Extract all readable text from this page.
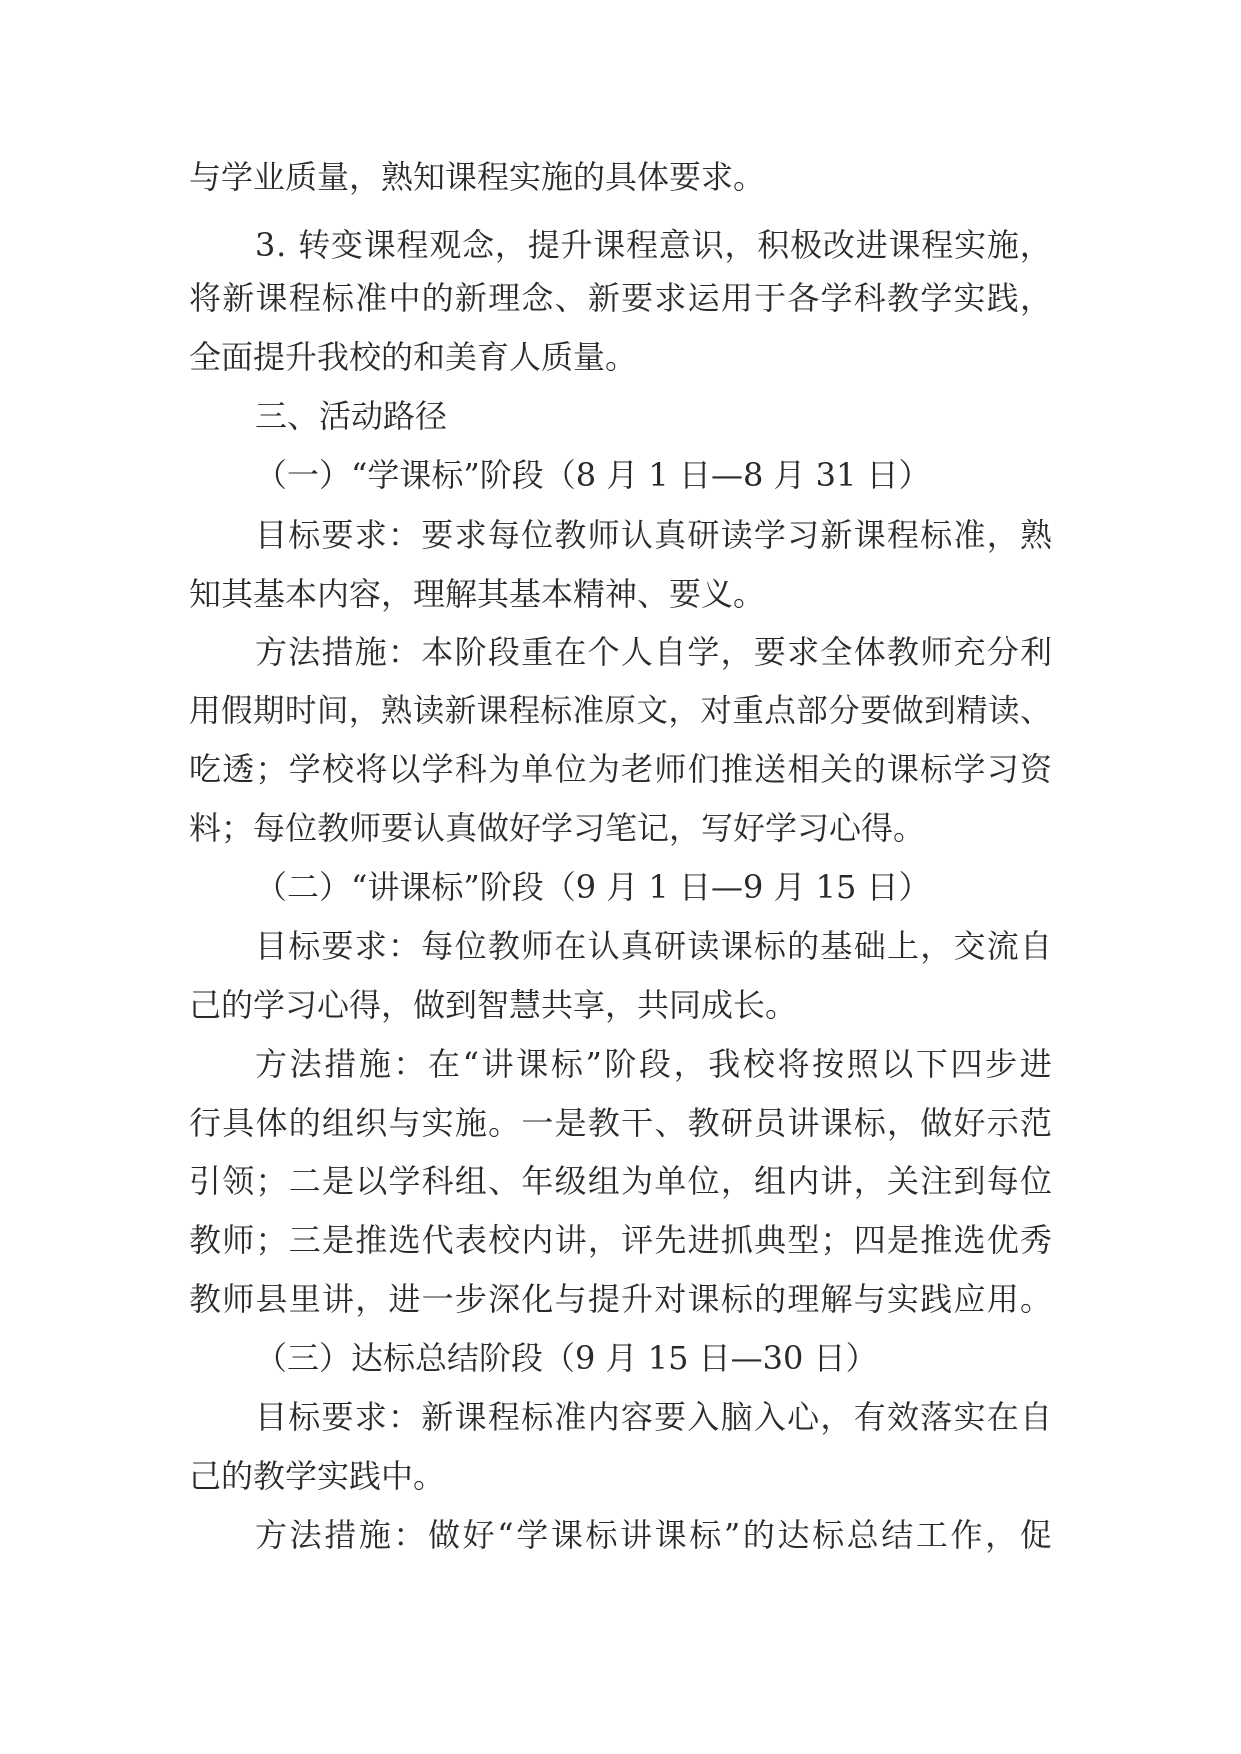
与学业质量，熟知课程实施的具体要求。
3. 转变课程观念，提升课程意识，积极改进课程实施，
将新课程标准中的新理念、新要求运用于各学科教学实践，
全面提升我校的和美育人质量。
三、活动路径
（一）“学课标”阶段（8 月 1 日—8 月 31 日）
目标要求：要求每位教师认真研读学习新课程标准，熟
知其基本内容，理解其基本精神、要义。
方法措施：本阶段重在个人自学，要求全体教师充分利
用假期时间，熟读新课程标准原文，对重点部分要做到精读、
吃透；学校将以学科为单位为老师们推送相关的课标学习资
料；每位教师要认真做好学习笔记，写好学习心得。
（二）“讲课标”阶段（9 月 1 日—9 月 15 日）
目标要求：每位教师在认真研读课标的基础上，交流自
己的学习心得，做到智慧共享，共同成长。
方法措施：在“讲课标”阶段，我校将按照以下四步进
行具体的组织与实施。一是教干、教研员讲课标，做好示范
引领；二是以学科组、年级组为单位，组内讲，关注到每位
教师；三是推选代表校内讲，评先进抓典型；四是推选优秀
教师县里讲，进一步深化与提升对课标的理解与实践应用。
（三）达标总结阶段（9 月 15 日—30 日）
目标要求：新课程标准内容要入脑入心，有效落实在自
己的教学实践中。
方法措施：做好“学课标讲课标”的达标总结工作，促
